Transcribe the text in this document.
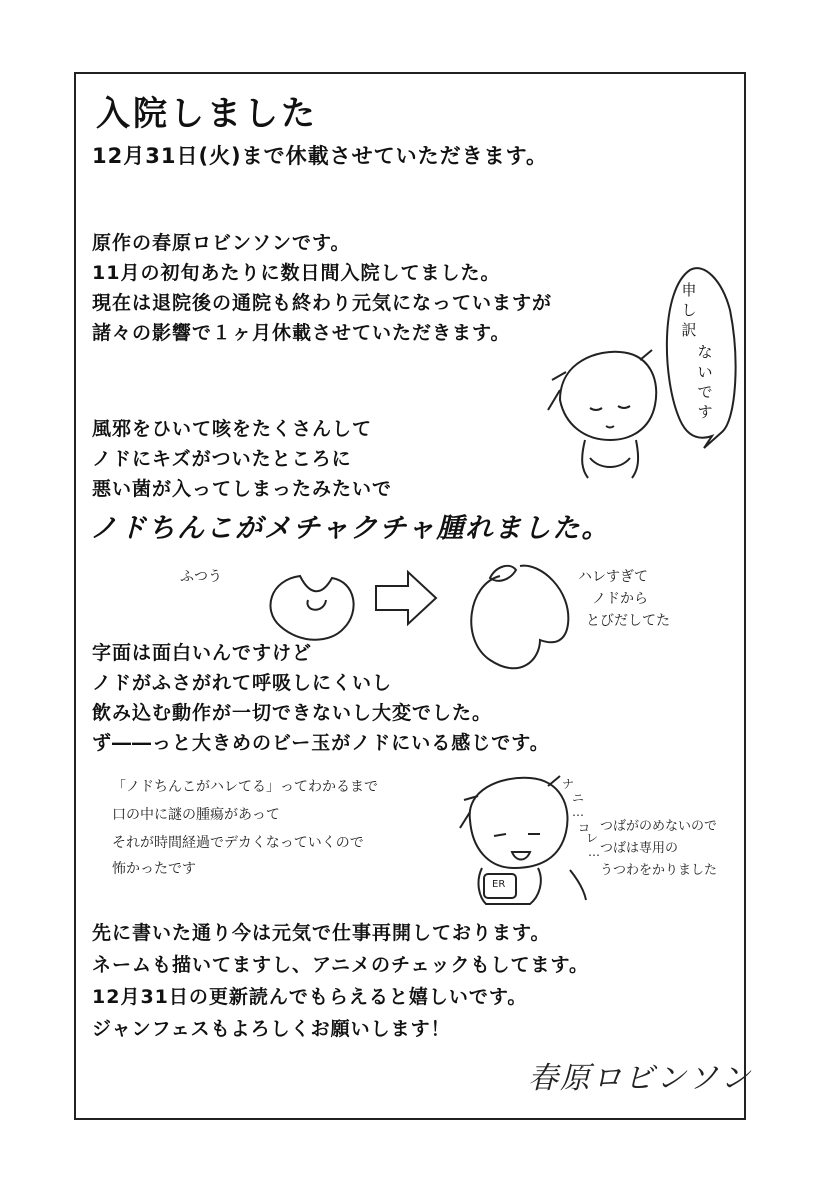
入院しました
12月31日(火)まで休載させていただきます。
原作の春原ロビンソンです。
11月の初旬あたりに数日間入院してました。
現在は退院後の通院も終わり元気になっていますが
諸々の影響で１ヶ月休載させていただきます。
申
し
訳
な
い
で
す
風邪をひいて咳をたくさんして
ノドにキズがついたところに
悪い菌が入ってしまったみたいで
ノドちんこがメチャクチャ腫れました。
ふつう	ハレすぎて
ノドから
とびだしてた
字面は面白いんですけど
ノドがふさがれて呼吸しにくいし
飲み込む動作が一切できないし大変でした。
ず――っと大きめのビー玉がノドにいる感じです。
「ノドちんこがハレてる」ってわかるまで
口の中に謎の腫瘍があって
それが時間経過でデカくなっていくので
怖かったです
ナ
ニ
…
コ
レ
…
つばがのめないので
つばは専用の
うつわをかりました
ER
先に書いた通り今は元気で仕事再開しております。
ネームも描いてますし、アニメのチェックもしてます。
12月31日の更新読んでもらえると嬉しいです。
ジャンフェスもよろしくお願いします！
春原ロビンソン
